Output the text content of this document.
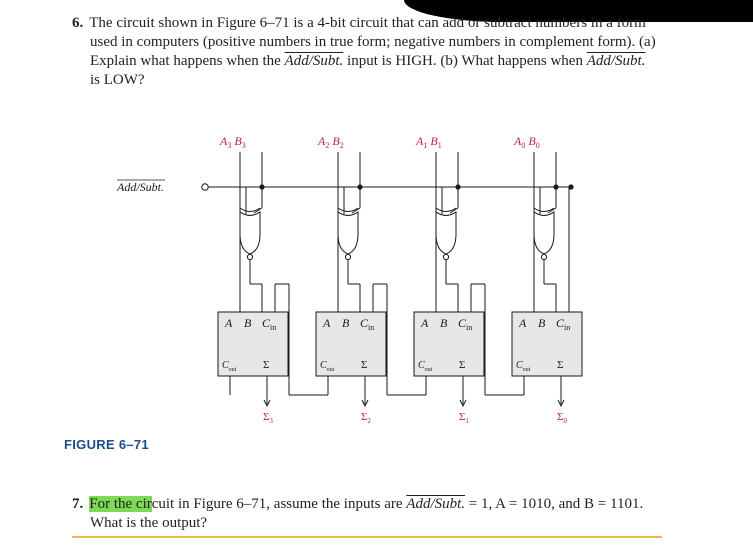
6. The circuit shown in Figure 6–71 is a 4-bit circuit that can add or subtract numbers in a form
used in computers (positive numbers in true form; negative numbers in complement form). (a)
Explain what happens when the Add/Subt. input is HIGH. (b) What happens when Add/Subt.
is LOW?
Add/Subt.
$A_3$ $B_3$
A B $C_{in}$
$C_{out}$ Σ
$\Sigma_3$
$A_2$ $B_2$
A B $C_{in}$
$C_{out}$ Σ
$\Sigma_2$
$A_1$ $B_1$
A B $C_{in}$
$C_{out}$ Σ
$\Sigma_1$
$A_0$ $B_0$
A B $C_{in}$
$C_{out}$ Σ
$\Sigma_0$
FIGURE 6–71
7. For the circuit in Figure 6–71, assume the inputs are Add/Subt. = 1, A = 1010, and B = 1101.
What is the output?
